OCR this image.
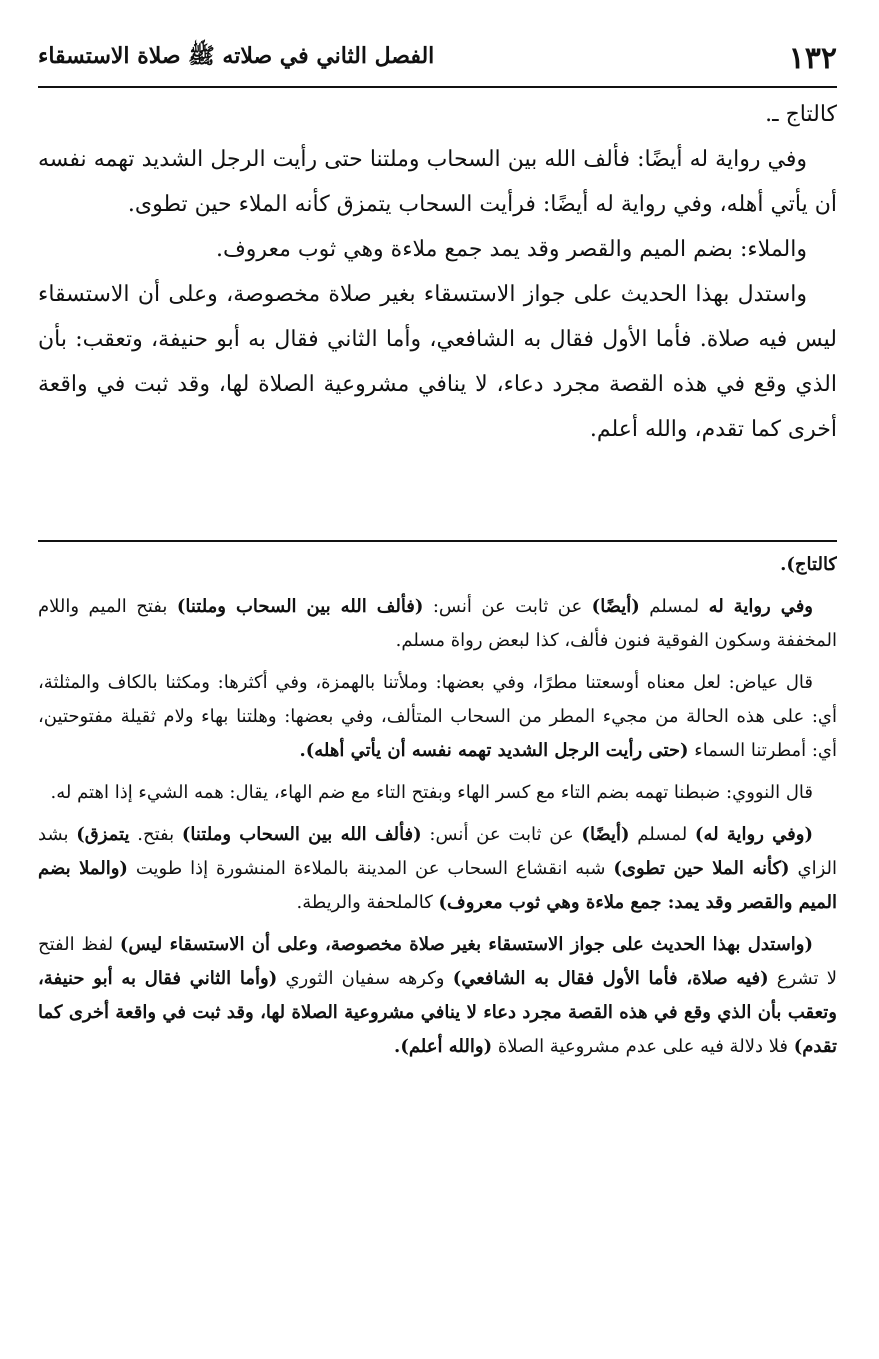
١٣٢
الفصل الثاني في صلاته ﷺ صلاة الاستسقاء

كالتاج ـ.

وفي رواية له أيضًا: فألف الله بين السحاب وملتنا حتى رأيت الرجل الشديد تهمه نفسه أن يأتي أهله، وفي رواية له أيضًا: فرأيت السحاب يتمزق كأنه الملاء حين تطوى.

والملاء: بضم الميم والقصر وقد يمد جمع ملاءة وهي ثوب معروف.

واستدل بهذا الحديث على جواز الاستسقاء بغير صلاة مخصوصة، وعلى أن الاستسقاء ليس فيه صلاة. فأما الأول فقال به الشافعي، وأما الثاني فقال به أبو حنيفة، وتعقب: بأن الذي وقع في هذه القصة مجرد دعاء، لا ينافي مشروعية الصلاة لها، وقد ثبت في واقعة أخرى كما تقدم، والله أعلم.

كالتاج).

وفي رواية له لمسلم (أيضًا) عن ثابت عن أنس: (فألف الله بين السحاب وملتنا) بفتح الميم واللام المخففة وسكون الفوقية فنون فألف، كذا لبعض رواة مسلم.

قال عياض: لعل معناه أوسعتنا مطرًا، وفي بعضها: وملأتنا بالهمزة، وفي أكثرها: ومكثنا بالكاف والمثلثة، أي: على هذه الحالة من مجيء المطر من السحاب المتألف، وفي بعضها: وهلتنا بهاء ولام ثقيلة مفتوحتين، أي: أمطرتنا السماء (حتى رأيت الرجل الشديد تهمه نفسه أن يأتي أهله).

قال النووي: ضبطنا تهمه بضم التاء مع كسر الهاء وبفتح التاء مع ضم الهاء، يقال: همه الشيء إذا اهتم له.

(وفي رواية له) لمسلم (أيضًا) عن ثابت عن أنس: (فألف الله بين السحاب وملتنا) بفتح. يتمزق) بشد الزاي (كأنه الملا حين تطوى) شبه انقشاع السحاب عن المدينة بالملاءة المنشورة إذا طويت (والملا بضم الميم والقصر وقد يمد: جمع ملاءة وهي ثوب معروف) كالملحفة والريطة.

(واستدل بهذا الحديث على جواز الاستسقاء بغير صلاة مخصوصة، وعلى أن الاستسقاء ليس) لفظ الفتح لا تشرع (فيه صلاة، فأما الأول فقال به الشافعي) وكرهه سفيان الثوري (وأما الثاني فقال به أبو حنيفة، وتعقب بأن الذي وقع في هذه القصة مجرد دعاء لا ينافي مشروعية الصلاة لها، وقد ثبت في واقعة أخرى كما تقدم) فلا دلالة فيه على عدم مشروعية الصلاة (والله أعلم).
